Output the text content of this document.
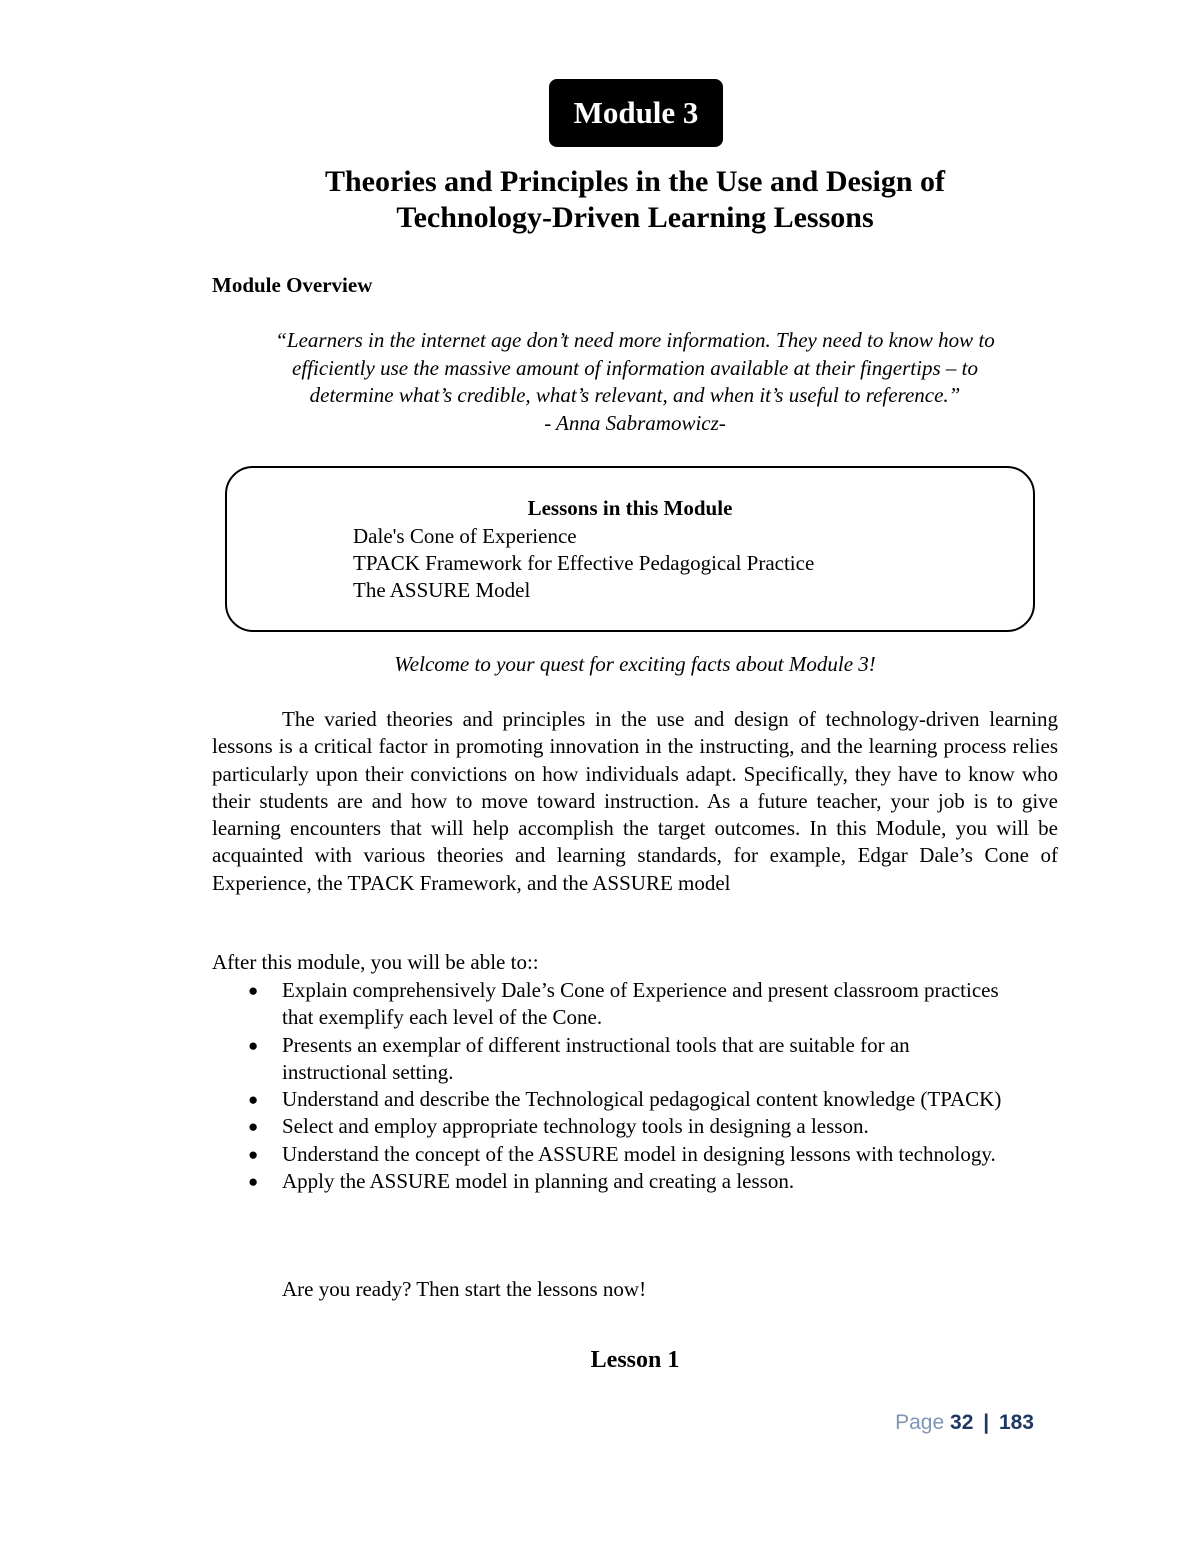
Module 3
Theories and Principles in the Use and Design of
Technology-Driven Learning Lessons
Module Overview
“Learners in the internet age don’t need more information. They need to know how to
efficiently use the massive amount of information available at their fingertips – to
determine what’s credible, what’s relevant, and when it’s useful to reference.”
- Anna Sabramowicz-
Lessons in this Module
Dale's Cone of Experience
TPACK Framework for Effective Pedagogical Practice
The ASSURE Model
Welcome to your quest for exciting facts about Module 3!

The varied theories and principles in the use and design of technology-driven learning lessons is a critical factor in promoting innovation in the instructing, and the learning process relies particularly upon their convictions on how individuals adapt. Specifically, they have to know who their students are and how to move toward instruction. As a future teacher, your job is to give learning encounters that will help accomplish the target outcomes. In this Module, you will be acquainted with various theories and learning standards, for example, Edgar Dale’s Cone of Experience, the TPACK Framework, and the ASSURE model

After this module, you will be able to::
● Explain comprehensively Dale’s Cone of Experience and present classroom practices that exemplify each level of the Cone.
● Presents an exemplar of different instructional tools that are suitable for an instructional setting.
● Understand and describe the Technological pedagogical content knowledge (TPACK)
● Select and employ appropriate technology tools in designing a lesson.
● Understand the concept of the ASSURE model in designing lessons with technology.
● Apply the ASSURE model in planning and creating a lesson.
Are you ready? Then start the lessons now!
Lesson 1
Page 32 | 183
